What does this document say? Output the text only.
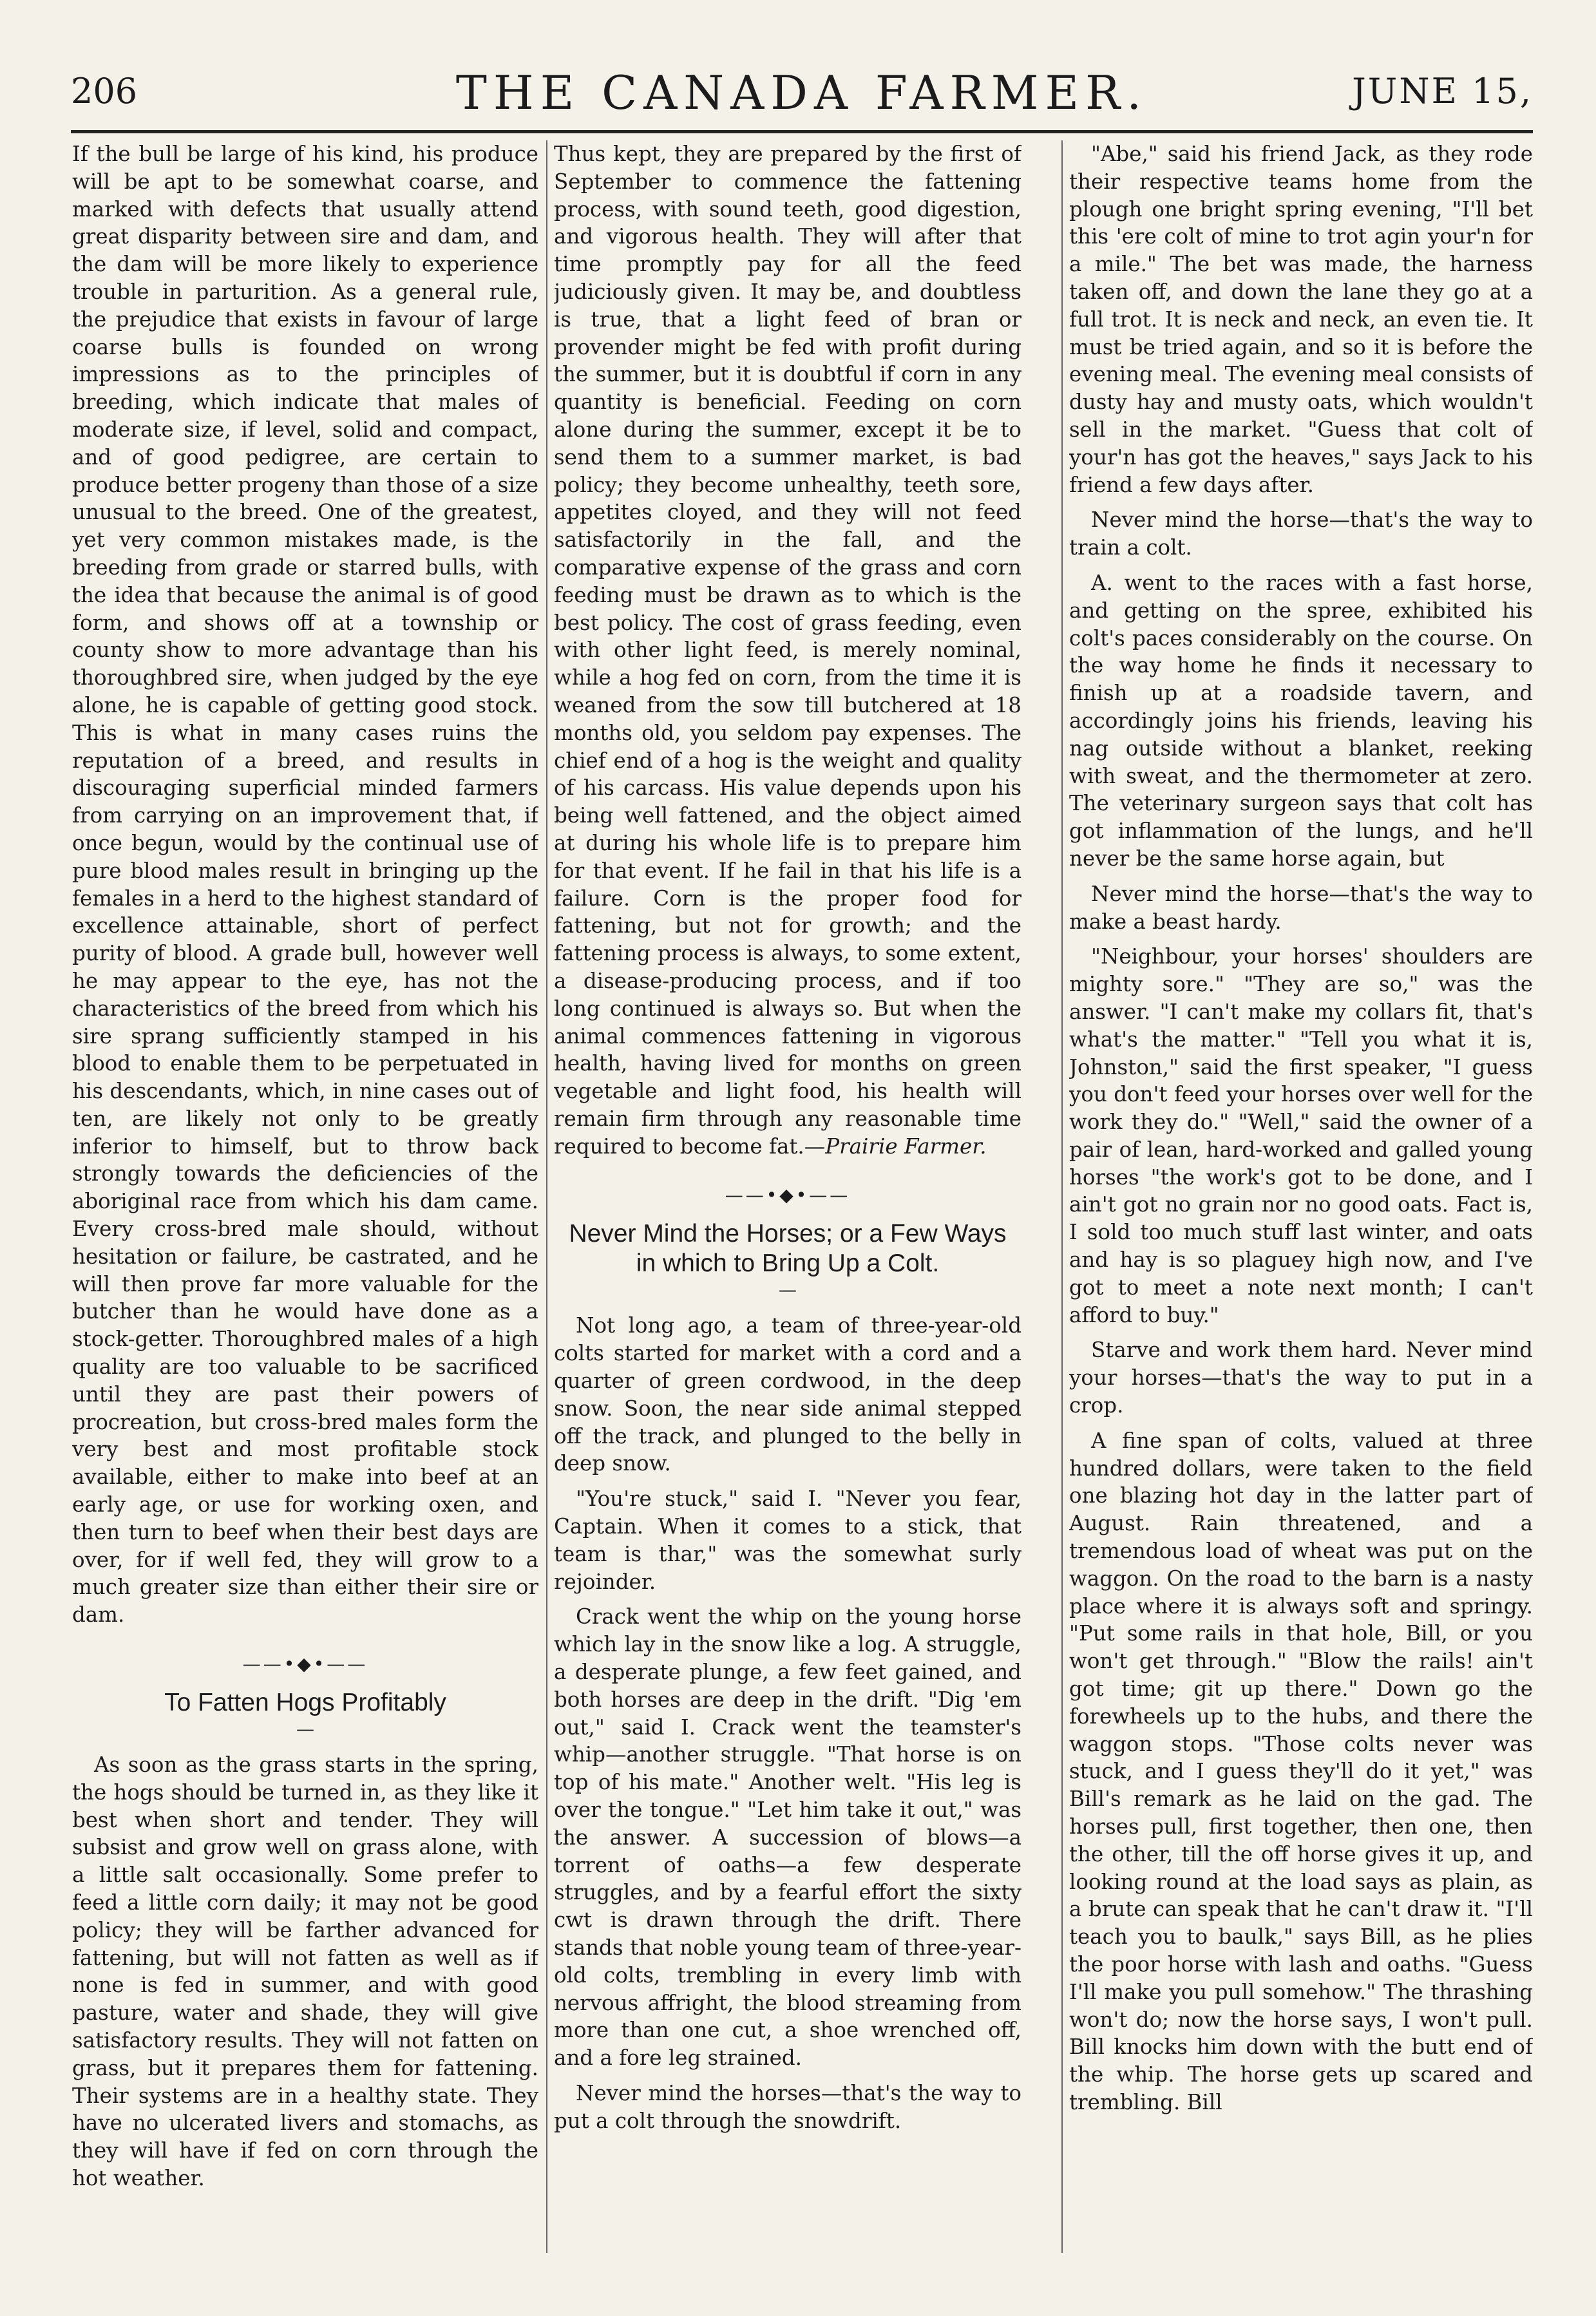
206	THE CANADA FARMER.	JUNE 15,

If the bull be large of his kind, his produce will be apt to be somewhat coarse, and marked with defects that usually attend great disparity between sire and dam, and the dam will be more likely to experience trouble in parturition. As a general rule, the prejudice that exists in favour of large coarse bulls is founded on wrong impressions as to the principles of breeding, which indicate that males of moderate size, if level, solid and compact, and of good pedigree, are certain to produce better progeny than those of a size unusual to the breed. One of the greatest, yet very common mistakes made, is the breeding from grade or starred bulls, with the idea that because the animal is of good form, and shows off at a township or county show to more advantage than his thoroughbred sire, when judged by the eye alone, he is capable of getting good stock. This is what in many cases ruins the reputation of a breed, and results in discouraging superficial minded farmers from carrying on an improvement that, if once begun, would by the continual use of pure blood males result in bringing up the females in a herd to the highest standard of excellence attainable, short of perfect purity of blood. A grade bull, however well he may appear to the eye, has not the characteristics of the breed from which his sire sprang sufficiently stamped in his blood to enable them to be perpetuated in his descendants, which, in nine cases out of ten, are likely not only to be greatly inferior to himself, but to throw back strongly towards the deficiencies of the aboriginal race from which his dam came. Every cross-bred male should, without hesitation or failure, be castrated, and he will then prove far more valuable for the butcher than he would have done as a stock-getter. Thoroughbred males of a high quality are too valuable to be sacrificed until they are past their powers of procreation, but cross-bred males form the very best and most profitable stock available, either to make into beef at an early age, or use for working oxen, and then turn to beef when their best days are over, for if well fed, they will grow to a much greater size than either their sire or dam.

——•◆•——
To Fatten Hogs Profitably
—

As soon as the grass starts in the spring, the hogs should be turned in, as they like it best when short and tender. They will subsist and grow well on grass alone, with a little salt occasionally. Some prefer to feed a little corn daily; it may not be good policy; they will be farther advanced for fattening, but will not fatten as well as if none is fed in summer, and with good pasture, water and shade, they will give satisfactory results. They will not fatten on grass, but it prepares them for fattening. Their systems are in a healthy state. They have no ulcerated livers and stomachs, as they will have if fed on corn through the hot weather.

Thus kept, they are prepared by the first of September to commence the fattening process, with sound teeth, good digestion, and vigorous health. They will after that time promptly pay for all the feed judiciously given. It may be, and doubtless is true, that a light feed of bran or provender might be fed with profit during the summer, but it is doubtful if corn in any quantity is beneficial. Feeding on corn alone during the summer, except it be to send them to a summer market, is bad policy; they become unhealthy, teeth sore, appetites cloyed, and they will not feed satisfactorily in the fall, and the comparative expense of the grass and corn feeding must be drawn as to which is the best policy. The cost of grass feeding, even with other light feed, is merely nominal, while a hog fed on corn, from the time it is weaned from the sow till butchered at 18 months old, you seldom pay expenses. The chief end of a hog is the weight and quality of his carcass. His value depends upon his being well fattened, and the object aimed at during his whole life is to prepare him for that event. If he fail in that his life is a failure. Corn is the proper food for fattening, but not for growth; and the fattening process is always, to some extent, a disease-producing process, and if too long continued is always so. But when the animal commences fattening in vigorous health, having lived for months on green vegetable and light food, his health will remain firm through any reasonable time required to become fat.—Prairie Farmer.

——•◆•——
Never Mind the Horses; or a Few Ways
in which to Bring Up a Colt.
—

Not long ago, a team of three-year-old colts started for market with a cord and a quarter of green cordwood, in the deep snow. Soon, the near side animal stepped off the track, and plunged to the belly in deep snow.

"You're stuck," said I. "Never you fear, Captain. When it comes to a stick, that team is thar," was the somewhat surly rejoinder.

Crack went the whip on the young horse which lay in the snow like a log. A struggle, a desperate plunge, a few feet gained, and both horses are deep in the drift. "Dig 'em out," said I. Crack went the teamster's whip—another struggle. "That horse is on top of his mate." Another welt. "His leg is over the tongue." "Let him take it out," was the answer. A succession of blows—a torrent of oaths—a few desperate struggles, and by a fearful effort the sixty cwt is drawn through the drift. There stands that noble young team of three-year-old colts, trembling in every limb with nervous affright, the blood streaming from more than one cut, a shoe wrenched off, and a fore leg strained.

Never mind the horses—that's the way to put a colt through the snowdrift.

"Abe," said his friend Jack, as they rode their respective teams home from the plough one bright spring evening, "I'll bet this 'ere colt of mine to trot agin your'n for a mile." The bet was made, the harness taken off, and down the lane they go at a full trot. It is neck and neck, an even tie. It must be tried again, and so it is before the evening meal. The evening meal consists of dusty hay and musty oats, which wouldn't sell in the market. "Guess that colt of your'n has got the heaves," says Jack to his friend a few days after.

Never mind the horse—that's the way to train a colt.

A. went to the races with a fast horse, and getting on the spree, exhibited his colt's paces considerably on the course. On the way home he finds it necessary to finish up at a roadside tavern, and accordingly joins his friends, leaving his nag outside without a blanket, reeking with sweat, and the thermometer at zero. The veterinary surgeon says that colt has got inflammation of the lungs, and he'll never be the same horse again, but

Never mind the horse—that's the way to make a beast hardy.

"Neighbour, your horses' shoulders are mighty sore." "They are so," was the answer. "I can't make my collars fit, that's what's the matter." "Tell you what it is, Johnston," said the first speaker, "I guess you don't feed your horses over well for the work they do." "Well," said the owner of a pair of lean, hard-worked and galled young horses "the work's got to be done, and I ain't got no grain nor no good oats. Fact is, I sold too much stuff last winter, and oats and hay is so plaguey high now, and I've got to meet a note next month; I can't afford to buy."

Starve and work them hard. Never mind your horses—that's the way to put in a crop.

A fine span of colts, valued at three hundred dollars, were taken to the field one blazing hot day in the latter part of August. Rain threatened, and a tremendous load of wheat was put on the waggon. On the road to the barn is a nasty place where it is always soft and springy. "Put some rails in that hole, Bill, or you won't get through." "Blow the rails! ain't got time; git up there." Down go the forewheels up to the hubs, and there the waggon stops. "Those colts never was stuck, and I guess they'll do it yet," was Bill's remark as he laid on the gad. The horses pull, first together, then one, then the other, till the off horse gives it up, and looking round at the load says as plain, as a brute can speak that he can't draw it. "I'll teach you to baulk," says Bill, as he plies the poor horse with lash and oaths. "Guess I'll make you pull somehow." The thrashing won't do; now the horse says, I won't pull. Bill knocks him down with the butt end of the whip. The horse gets up scared and trembling. Bill
